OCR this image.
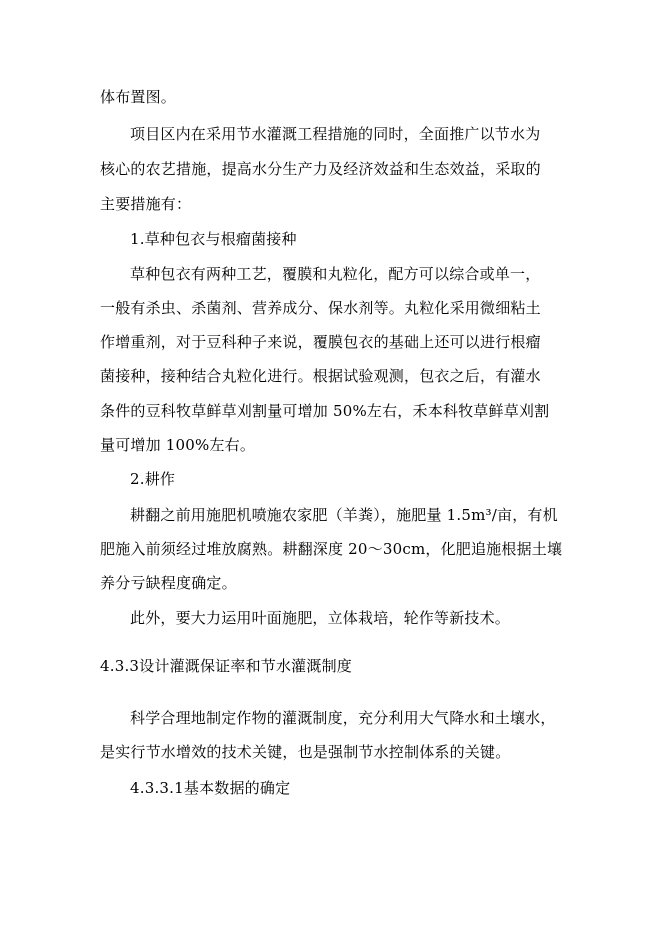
体布置图。
项目区内在采用节水灌溉工程措施的同时，全面推广以节水为
核心的农艺措施，提高水分生产力及经济效益和生态效益，采取的
主要措施有：
1.草种包衣与根瘤菌接种
草种包衣有两种工艺，覆膜和丸粒化，配方可以综合或单一，
一般有杀虫、杀菌剂、营养成分、保水剂等。丸粒化采用微细粘土
作增重剂，对于豆科种子来说，覆膜包衣的基础上还可以进行根瘤
菌接种，接种结合丸粒化进行。根据试验观测，包衣之后，有灌水
条件的豆科牧草鲜草刈割量可增加 50%左右，禾本科牧草鲜草刈割
量可增加 100%左右。
2.耕作
耕翻之前用施肥机喷施农家肥（羊粪），施肥量 1.5m³/亩，有机
肥施入前须经过堆放腐熟。耕翻深度 20～30cm，化肥追施根据土壤
养分亏缺程度确定。
此外，要大力运用叶面施肥，立体栽培，轮作等新技术。
4.3.3设计灌溉保证率和节水灌溉制度
科学合理地制定作物的灌溉制度，充分利用大气降水和土壤水，
是实行节水增效的技术关键，也是强制节水控制体系的关键。
4.3.3.1基本数据的确定
